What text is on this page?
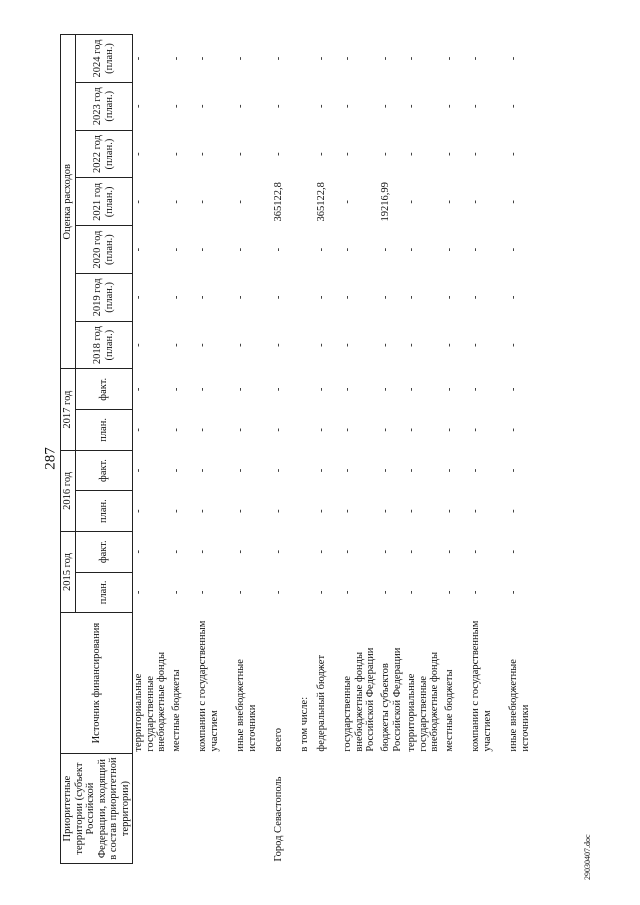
287
29030407.doc
Приоритетные территории (субъект Российской Федерации, входящий в состав приоритетной территории)	Источник финансирования	2015 год		2016 год		2017 год		Оценка расходов						
		план.	факт.	план.	факт.	план.	факт.	2018 год (план.)	2019 год (план.)	2020 год (план.)	2021 год (план.)	2022 год (план.)	2023 год (план.)	2024 год (план.)

	территориальные государственные внебюджетные фонды	-	-	-	-	-	-	-	-	-	-	-	-	-
	местные бюджеты	-	-	-	-	-	-	-	-	-	-	-	-	-
	компании с государственным участием	-	-	-	-	-	-	-	-	-	-	-	-	-
	иные внебюджетные источники	-	-	-	-	-	-	-	-	-	-	-	-	-
Город Севастополь	всего	-	-	-	-	-	-	-	-	-	365122,8	-	-	-
	в том числе:													
	федеральный бюджет	-	-	-	-	-	-	-	-	-	365122,8	-	-	-
	государственные внебюджетные фонды Российской Федерации	-	-	-	-	-	-	-	-	-	-	-	-	-
	бюджеты субъектов Российской Федерации	-	-	-	-	-	-	-	-	-	19216,99	-	-	-
	территориальные государственные внебюджетные фонды	-	-	-	-	-	-	-	-	-	-	-	-	-
	местные бюджеты	-	-	-	-	-	-	-	-	-	-	-	-	-
	компании с государственным участием	-	-	-	-	-	-	-	-	-	-	-	-	-
	иные внебюджетные источники	-	-	-	-	-	-	-	-	-	-	-	-	-
